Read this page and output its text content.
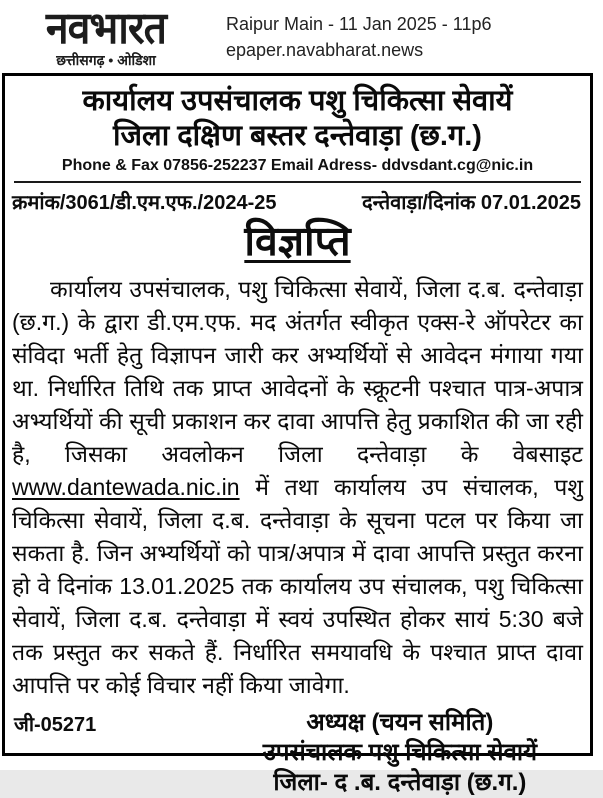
नवभारत
छत्तीसगढ़ • ओडिशा
Raipur Main - 11 Jan 2025 - 11p6
epaper.navabharat.news
कार्यालय उपसंचालक पशु चिकित्सा सेवायें
जिला दक्षिण बस्तर दन्तेवाड़ा (छ.ग.)
Phone & Fax 07856-252237 Email Adress- ddvsdant.cg@nic.in
क्रमांक/3061/डी.एम.एफ./2024-25	दन्तेवाड़ा/दिनांक 07.01.2025
विज्ञप्ति

कार्यालय उपसंचालक, पशु चिकित्सा सेवायें, जिला द.ब. दन्तेवाड़ा (छ.ग.) के द्वारा डी.एम.एफ. मद अंतर्गत स्वीकृत एक्स-रे ऑपरेटर का संविदा भर्ती हेतु विज्ञापन जारी कर अभ्यर्थियों से आवेदन मंगाया गया था. निर्धारित तिथि तक प्राप्त आवेदनों के स्क्रूटनी पश्चात पात्र-अपात्र अभ्यर्थियों की सूची प्रकाशन कर दावा आपत्ति हेतु प्रकाशित की जा रही है, जिसका अवलोकन जिला दन्तेवाड़ा के वेबसाइट www.dantewada.nic.in में तथा कार्यालय उप संचालक, पशु चिकित्सा सेवायें, जिला द.ब. दन्तेवाड़ा के सूचना पटल पर किया जा सकता है. जिन अभ्यर्थियों को पात्र/अपात्र में दावा आपत्ति प्रस्तुत करना हो वे दिनांक 13.01.2025 तक कार्यालय उप संचालक, पशु चिकित्सा सेवायें, जिला द.ब. दन्तेवाड़ा में स्वयं उपस्थित होकर सायं 5:30 बजे तक प्रस्तुत कर सकते हैं. निर्धारित समयावधि के पश्चात प्राप्त दावा आपत्ति पर कोई विचार नहीं किया जावेगा.

अध्यक्ष (चयन समिति)
उपसंचालक पशु चिकित्सा सेवायें
जिला- द .ब. दन्तेवाड़ा (छ.ग.)
जी-05271
